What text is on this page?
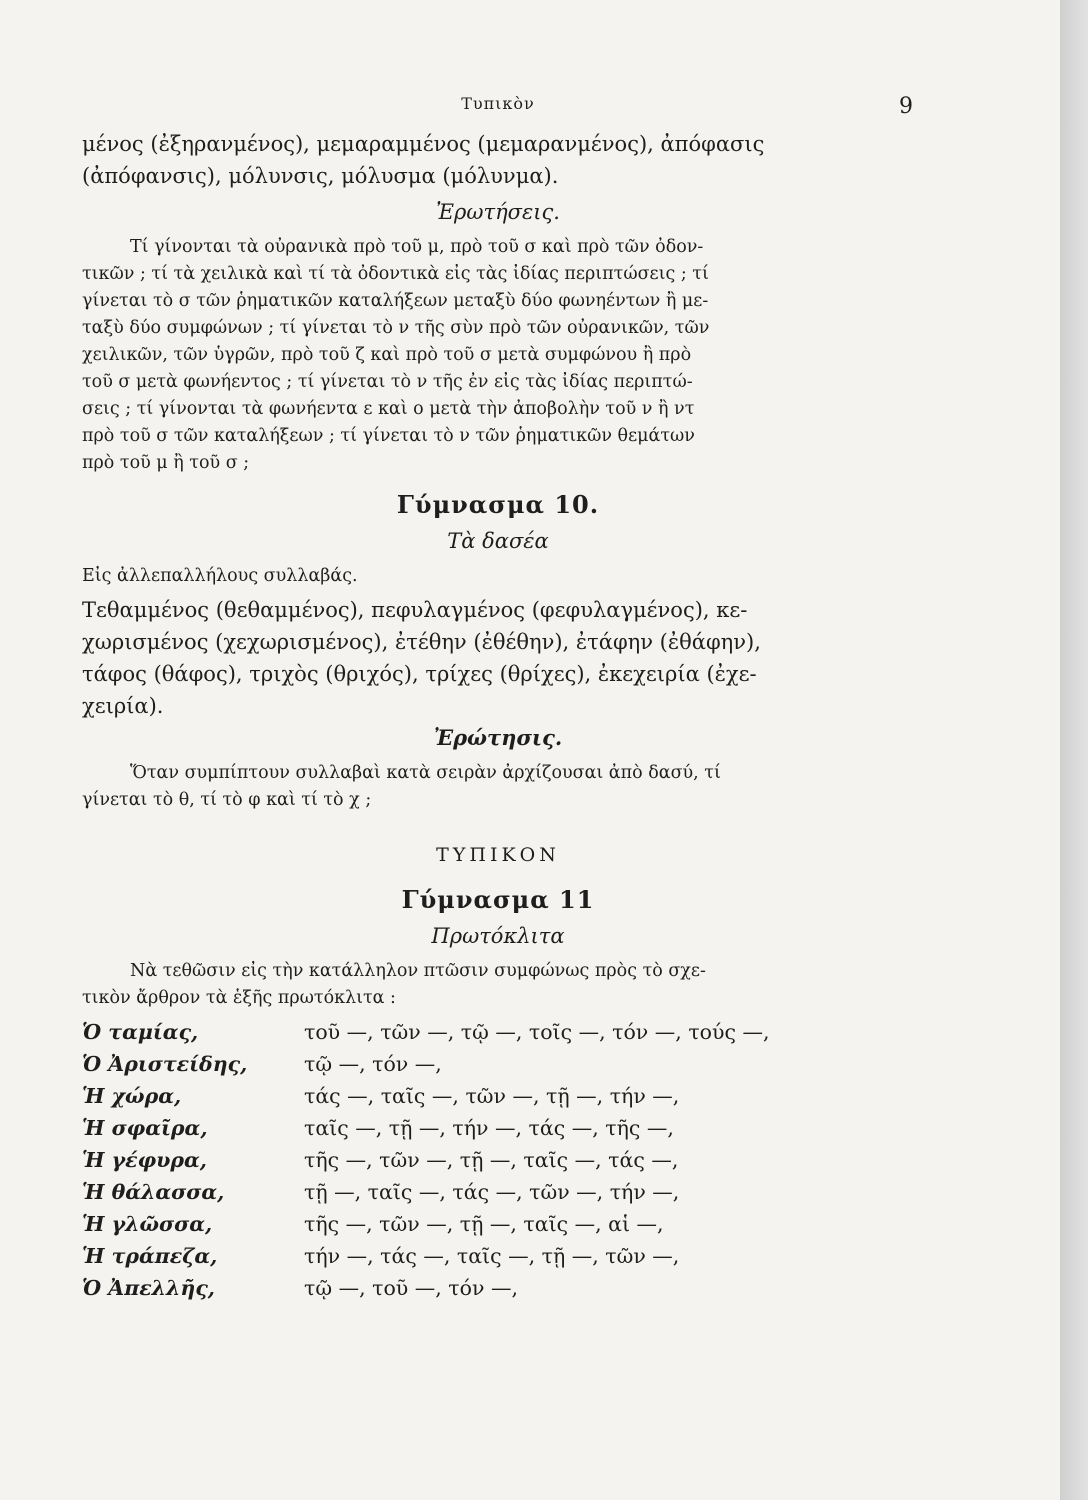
Τυπικὸν	9

μένος (ἐξηρανμένος), μεμαραμμένος (μεμαρανμένος), ἀπόφασις

(ἀπόφανσις), μόλυνσις, μόλυσμα (μόλυνμα).

Ἐρωτήσεις.

Τί γίνονται τὰ οὐρανικὰ πρὸ τοῦ μ, πρὸ τοῦ σ καὶ πρὸ τῶν ὀδον-

τικῶν ; τί τὰ χειλικὰ καὶ τί τὰ ὀδοντικὰ εἰς τὰς ἰδίας περιπτώσεις ; τί

γίνεται τὸ σ τῶν ῥηματικῶν καταλήξεων μεταξὺ δύο φωνηέντων ἢ με-

ταξὺ δύο συμφώνων ; τί γίνεται τὸ ν τῆς σὺν πρὸ τῶν οὐρανικῶν, τῶν

χειλικῶν, τῶν ὑγρῶν, πρὸ τοῦ ζ καὶ πρὸ τοῦ σ μετὰ συμφώνου ἢ πρὸ

τοῦ σ μετὰ φωνήεντος ; τί γίνεται τὸ ν τῆς ἐν εἰς τὰς ἰδίας περιπτώ-

σεις ; τί γίνονται τὰ φωνήεντα ε καὶ ο μετὰ τὴν ἀποβολὴν τοῦ ν ἢ ντ

πρὸ τοῦ σ τῶν καταλήξεων ; τί γίνεται τὸ ν τῶν ῥηματικῶν θεμάτων

πρὸ τοῦ μ ἢ τοῦ σ ;

Γύμνασμα 10.
Τὰ δασέα

Εἰς ἀλλεπαλλήλους συλλαβάς.

Τεθαμμένος (θεθαμμένος), πεφυλαγμένος (φεφυλαγμένος), κε-

χωρισμένος (χεχωρισμένος), ἐτέθην (ἐθέθην), ἐτάφην (ἐθάφην),

τάφος (θάφος), τριχὸς (θριχός), τρίχες (θρίχες), ἐκεχειρία (ἐχε-

χειρία).

Ἐρώτησις.

Ὅταν συμπίπτουν συλλαβαὶ κατὰ σειρὰν ἀρχίζουσαι ἀπὸ δασύ, τί

γίνεται τὸ θ, τί τὸ φ καὶ τί τὸ χ ;

ΤΥΠΙΚΟΝ
Γύμνασμα 11
Πρωτόκλιτα

Νὰ τεθῶσιν εἰς τὴν κατάλληλον πτῶσιν συμφώνως πρὸς τὸ σχε-

τικὸν ἄρθρον τὰ ἑξῆς πρωτόκλιτα :

Ὁ ταμίας,	τοῦ —, τῶν —, τῷ —, τοῖς —, τόν —, τούς —,
Ὁ Ἀριστείδης,	τῷ —, τόν —,
Ἡ χώρα,	τάς —, ταῖς —, τῶν —, τῇ —, τήν —,
Ἡ σφαῖρα,	ταῖς —, τῇ —, τήν —, τάς —, τῆς —,
Ἡ γέφυρα,	τῆς —, τῶν —, τῇ —, ταῖς —, τάς —,
Ἡ θάλασσα,	τῇ —, ταῖς —, τάς —, τῶν —, τήν —,
Ἡ γλῶσσα,	τῆς —, τῶν —, τῇ —, ταῖς —, αἱ —,
Ἡ τράπεζα,	τήν —, τάς —, ταῖς —, τῇ —, τῶν —,
Ὁ Ἀπελλῆς,	τῷ —, τοῦ —, τόν —,
